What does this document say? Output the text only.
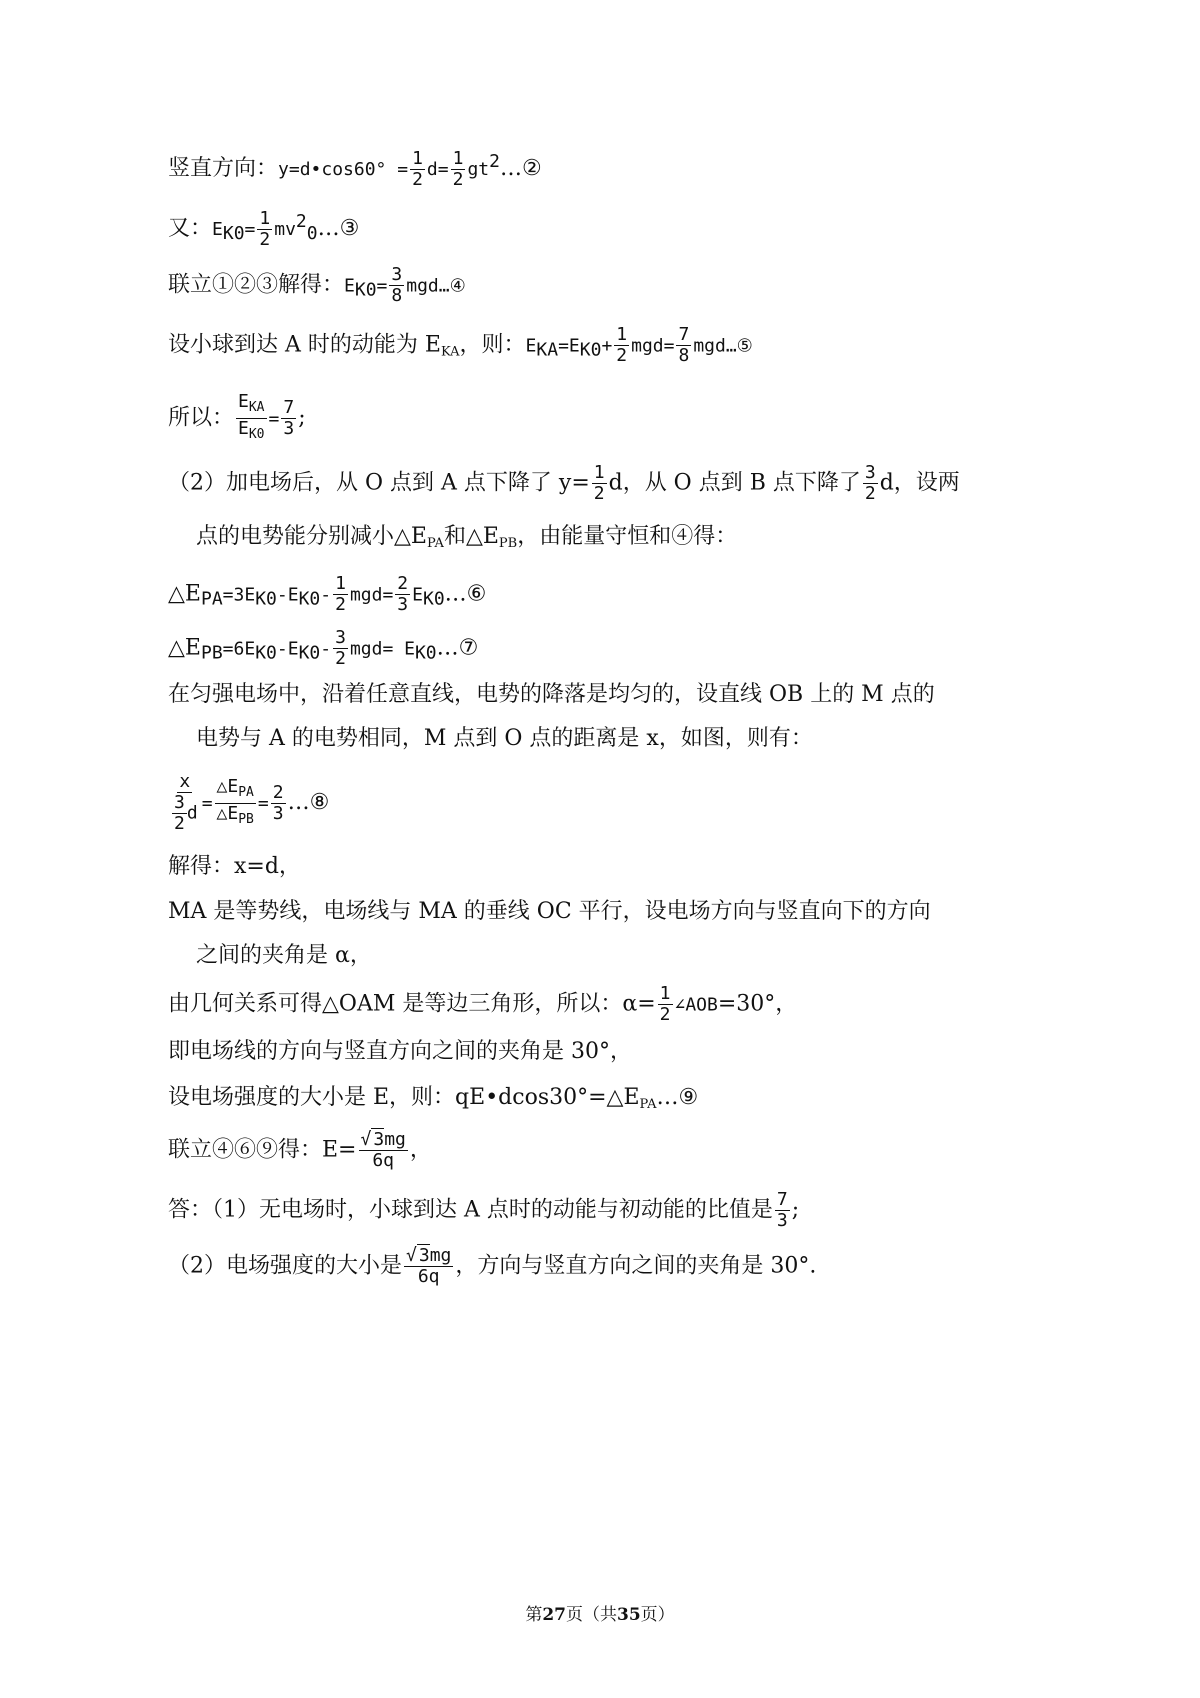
竖直方向：y=d•cos60° = $\frac{1}{2} d= \frac{1}{2}$ $gt^2\dots ②$
又：$E_{K0}= \frac{1}{2}$ $mv^2_0\dots ③$
联立①②③解得：$E_{K0}= \frac{3}{8}$ mgd…④
设小球到达 A 时的动能为 $E_{KA}$，则：$E_{KA}=E_{K0}+ \frac{1}{2} mgd= \frac{7}{8}$ mgd…⑤
所以： $\frac{E_{KA}}{E_{K0}} = \frac{7}{3}$ ;
（2）加电场后，从 O 点到 A 点下降了 $y= \frac{1}{2}$ d，从 O 点到 B 点下降了 $\frac{3}{2}$ d，设两
点的电势能分别减小$\triangle E_{PA}$和$\triangle E_{PB}$，由能量守恒和④得：
$\triangle E_{PA}=3E_{K0}-E_{K0}- \frac{1}{2} mgd= \frac{2}{3}$ $E_{K0}\dots ⑥$
$\triangle E_{PB}=6E_{K0}-E_{K0}- \frac{3}{2} mgd=$ $E_{K0}\dots ⑦$
在匀强电场中，沿着任意直线，电势的降落是均匀的，设直线 OB 上的 M 点的
电势与 A 的电势相同，M 点到 O 点的距离是 x，如图，则有：
$\frac{x}{\frac{3}{2} d} = \frac{\triangle E_{PA}}{\triangle E_{PB}} = \frac{2}{3}$ …⑧
解得：x=d，
MA 是等势线，电场线与 MA 的垂线 OC 平行，设电场方向与竖直向下的方向
之间的夹角是 α，
由几何关系可得△OAM 是等边三角形，所以：$\alpha= \frac{1}{2}$ ∠AOB=30°，
即电场线的方向与竖直方向之间的夹角是 30°，
设电场强度的大小是 E，则：$qE•dcos30^\circ=\triangle E_{PA}\dots ⑨$
联立④⑥⑨得：$E= \frac{√ 3mg}{6q}$ ，
答：（1）无电场时，小球到达 A 点时的动能与初动能的比值是 $\frac{7}{3}$ ;
（2）电场强度的大小是 $\frac{√ 3mg}{6q}$ ，方向与竖直方向之间的夹角是 30°.
第27页（共35页）
